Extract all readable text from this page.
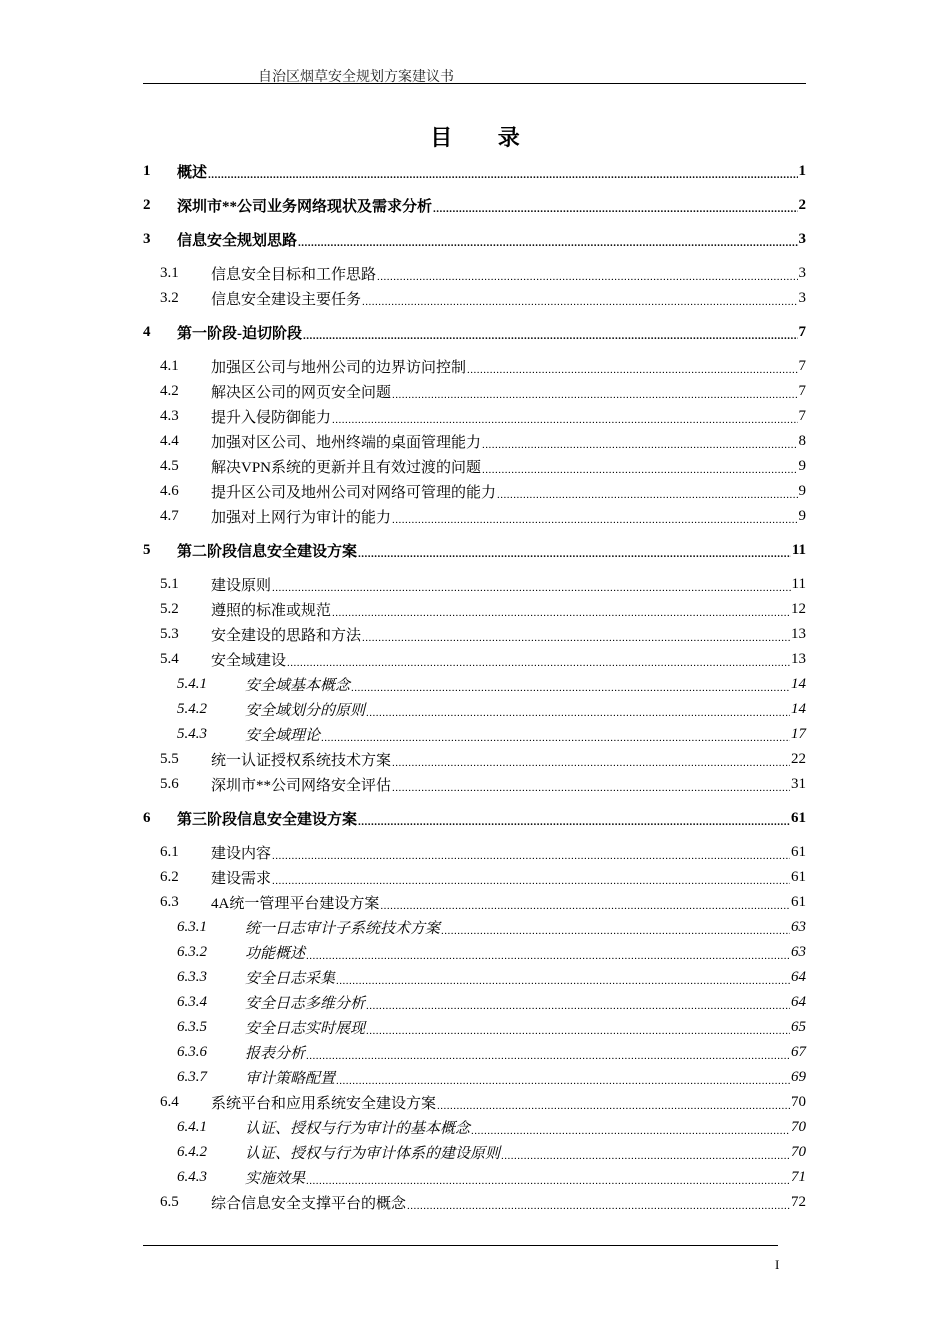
自治区烟草安全规划方案建议书
目 录
1	概述 .....	1
2	深圳市**公司业务网络现状及需求分析 .....	2
3	信息安全规划思路 .....	3
3.1	信息安全目标和工作思路 .....	3
3.2	信息安全建设主要任务 .....	3
4	第一阶段-迫切阶段 .....	7
4.1	加强区公司与地州公司的边界访问控制 .....	7
4.2	解决区公司的网页安全问题 .....	7
4.3	提升入侵防御能力 .....	7
4.4	加强对区公司、地州终端的桌面管理能力 .....	8
4.5	解决VPN系统的更新并且有效过渡的问题 .....	9
4.6	提升区公司及地州公司对网络可管理的能力 .....	9
4.7	加强对上网行为审计的能力 .....	9
5	第二阶段信息安全建设方案 .....	11
5.1	建设原则 .....	11
5.2	遵照的标准或规范 .....	12
5.3	安全建设的思路和方法 .....	13
5.4	安全域建设 .....	13
5.4.1	安全域基本概念 .....	14
5.4.2	安全域划分的原则 .....	14
5.4.3	安全域理论 .....	17
5.5	统一认证授权系统技术方案 .....	22
5.6	深圳市**公司网络安全评估 .....	31
6	第三阶段信息安全建设方案 .....	61
6.1	建设内容 .....	61
6.2	建设需求 .....	61
6.3	4A统一管理平台建设方案 .....	61
6.3.1	统一日志审计子系统技术方案 .....	63
6.3.2	功能概述 .....	63
6.3.3	安全日志采集 .....	64
6.3.4	安全日志多维分析 .....	64
6.3.5	安全日志实时展现 .....	65
6.3.6	报表分析 .....	67
6.3.7	审计策略配置 .....	69
6.4	系统平台和应用系统安全建设方案 .....	70
6.4.1	认证、授权与行为审计的基本概念 .....	70
6.4.2	认证、授权与行为审计体系的建设原则 .....	70
6.4.3	实施效果 .....	71
6.5	综合信息安全支撑平台的概念 .....	72
I
